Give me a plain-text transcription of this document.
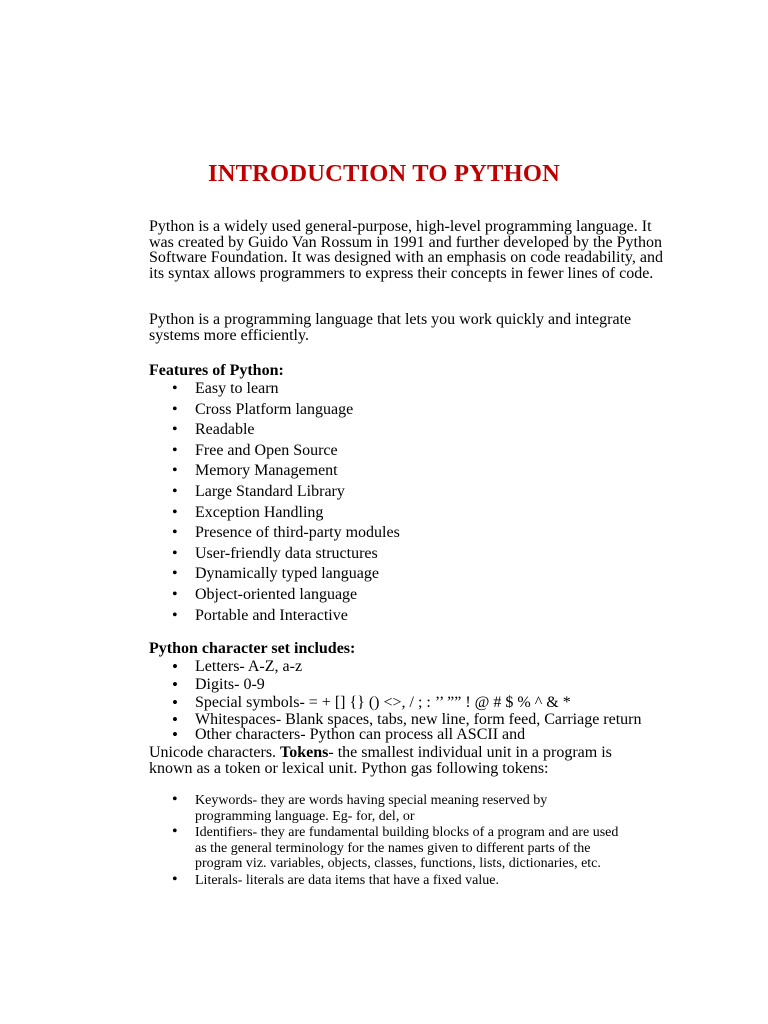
INTRODUCTION TO PYTHON

Python is a widely used general-purpose, high-level programming language. It was created by Guido Van Rossum in 1991 and further developed by the Python Software Foundation. It was designed with an emphasis on code readability, and its syntax allows programmers to express their concepts in fewer lines of code.

Python is a programming language that lets you work quickly and integrate systems more efficiently.

Features of Python:

• Easy to learn
• Cross Platform language
• Readable
• Free and Open Source
• Memory Management
• Large Standard Library
• Exception Handling
• Presence of third-party modules
• User-friendly data structures
• Dynamically typed language
• Object-oriented language
• Portable and Interactive

Python character set includes:

• Letters- A-Z, a-z
• Digits- 0-9
• Special symbols- = + [] {} () <>, / ; : ’’ ”” ! @ # $ % ^ & *
• Whitespaces- Blank spaces, tabs, new line, form feed, Carriage return
• Other characters- Python can process all ASCII and

Unicode characters. Tokens- the smallest individual unit in a program is known as a token or lexical unit. Python gas following tokens:

• Keywords- they are words having special meaning reserved by programming language. Eg- for, del, or
• Identifiers- they are fundamental building blocks of a program and are used as the general terminology for the names given to different parts of the program viz. variables, objects, classes, functions, lists, dictionaries, etc.
• Literals- literals are data items that have a fixed value.
